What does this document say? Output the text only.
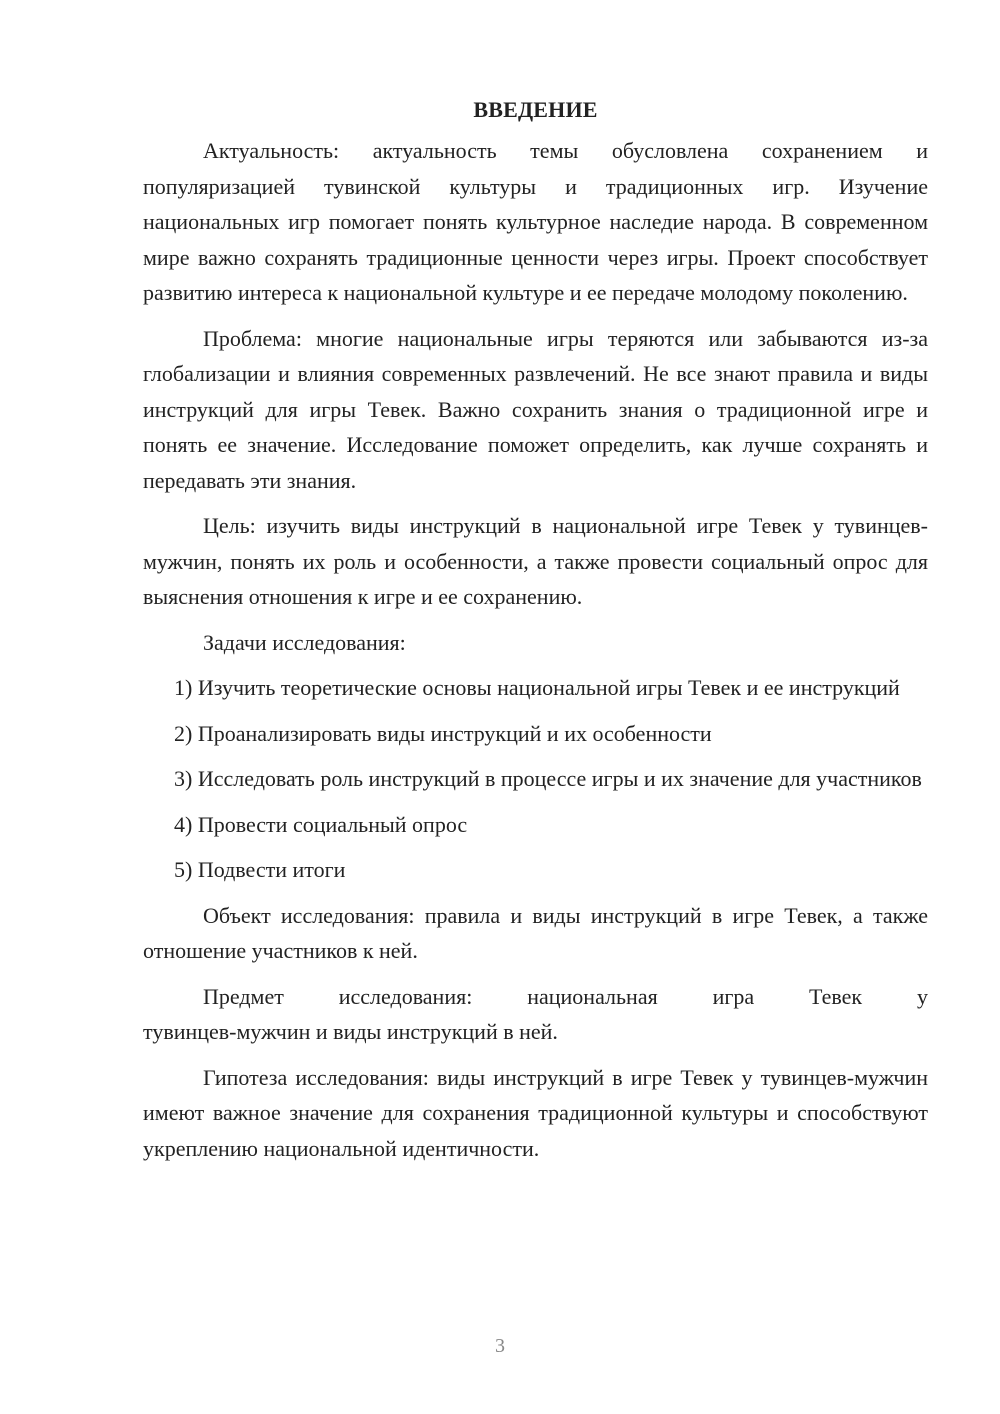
ВВЕДЕНИЕ

Актуальность: актуальность темы обусловлена сохранением и популяризацией тувинской культуры и традиционных игр. Изучение национальных игр помогает понять культурное наследие народа. В современном мире важно сохранять традиционные ценности через игры. Проект способствует развитию интереса к национальной культуре и ее передаче молодому поколению.

Проблема: многие национальные игры теряются или забываются из-за глобализации и влияния современных развлечений. Не все знают правила и виды инструкций для игры Тевек. Важно сохранить знания о традиционной игре и понять ее значение. Исследование поможет определить, как лучше сохранять и передавать эти знания.

Цель: изучить виды инструкций в национальной игре Тевек у тувинцев-мужчин, понять их роль и особенности, а также провести социальный опрос для выяснения отношения к игре и ее сохранению.

Задачи исследования:

1) Изучить теоретические основы национальной игры Тевек и ее инструкций

2) Проанализировать виды инструкций и их особенности

3) Исследовать роль инструкций в процессе игры и их значение для участников

4) Провести социальный опрос

5) Подвести итоги

Объект исследования: правила и виды инструкций в игре Тевек, а также отношение участников к ней.

Предмет исследования: национальная игра Тевек у
тувинцев-мужчин и виды инструкций в ней.

Гипотеза исследования: виды инструкций в игре Тевек у тувинцев-мужчин имеют важное значение для сохранения традиционной культуры и способствуют укреплению национальной идентичности.

3
